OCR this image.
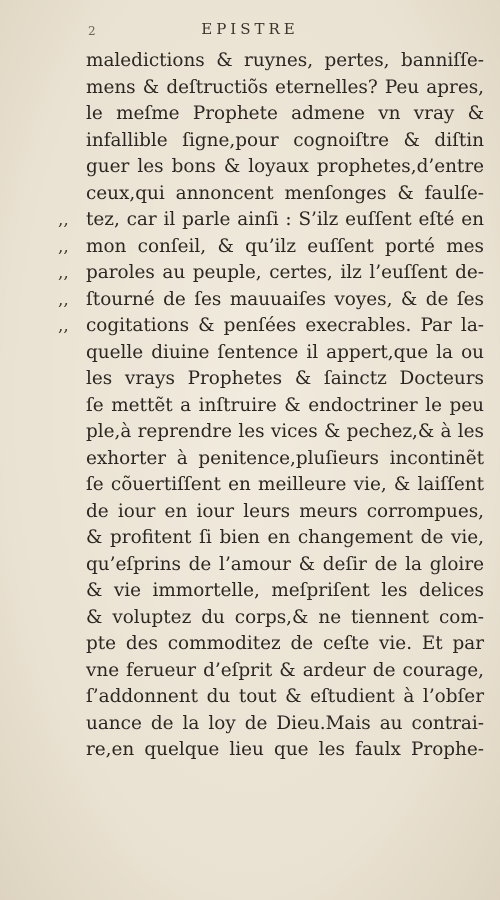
2	EPISTRE
maledictions & ruynes, pertes, banniſſe-
mens & deſtructiõs eternelles? Peu apres,
le meſme Prophete admene vn vray &
infallible ſigne,pour cognoiſtre & diſtin
guer les bons & loyaux prophetes,d’entre
ceux,qui annoncent menſonges & faulſe-
,, tez, car il parle ainſi : S’ilz euſſent eſté en
,, mon conſeil, & qu’ilz euſſent porté mes
,, paroles au peuple, certes, ilz l’euſſent de-
,, ſtourné de ſes mauuaiſes voyes, & de ſes
,, cogitations & penſées execrables. Par la-
quelle diuine ſentence il appert,que la ou
les vrays Prophetes & ſainctz Docteurs
ſe mettẽt a inſtruire & endoctriner le peu
ple,à reprendre les vices & pechez,& à les
exhorter à penitence,pluſieurs incontinẽt
ſe cõuertiſſent en meilleure vie, & laiſſent
de iour en iour leurs meurs corrompues,
& profitent ſi bien en changement de vie,
qu’eſprins de l’amour & deſir de la gloire
& vie immortelle, meſpriſent les delices
& voluptez du corps,& ne tiennent com-
pte des commoditez de ceſte vie. Et par
vne ferueur d’eſprit & ardeur de courage,
ſ’addonnent du tout & eſtudient à l’obſer
uance de la loy de Dieu.Mais au contrai-
re,en quelque lieu que les faulx Prophe-
